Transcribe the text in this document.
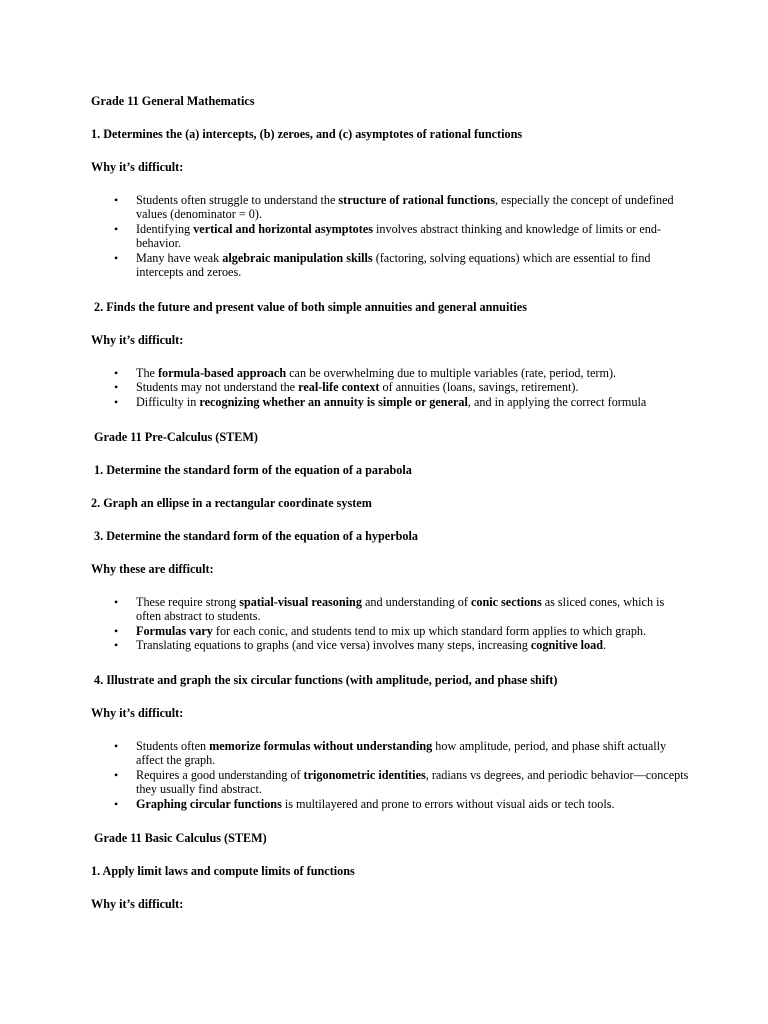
Grade 11 General Mathematics
1. Determines the (a) intercepts, (b) zeroes, and (c) asymptotes of rational functions
Why it’s difficult:
• Students often struggle to understand the structure of rational functions, especially the concept of undefined values (denominator = 0).
• Identifying vertical and horizontal asymptotes involves abstract thinking and knowledge of limits or end-behavior.
• Many have weak algebraic manipulation skills (factoring, solving equations) which are essential to find intercepts and zeroes.
2. Finds the future and present value of both simple annuities and general annuities
Why it’s difficult:
• The formula-based approach can be overwhelming due to multiple variables (rate, period, term).
• Students may not understand the real-life context of annuities (loans, savings, retirement).
• Difficulty in recognizing whether an annuity is simple or general, and in applying the correct formula
Grade 11 Pre-Calculus (STEM)
1. Determine the standard form of the equation of a parabola
2. Graph an ellipse in a rectangular coordinate system
3. Determine the standard form of the equation of a hyperbola
Why these are difficult:
• These require strong spatial-visual reasoning and understanding of conic sections as sliced cones, which is often abstract to students.
• Formulas vary for each conic, and students tend to mix up which standard form applies to which graph.
• Translating equations to graphs (and vice versa) involves many steps, increasing cognitive load.
4. Illustrate and graph the six circular functions (with amplitude, period, and phase shift)
Why it’s difficult:
• Students often memorize formulas without understanding how amplitude, period, and phase shift actually affect the graph.
• Requires a good understanding of trigonometric identities, radians vs degrees, and periodic behavior—concepts they usually find abstract.
• Graphing circular functions is multilayered and prone to errors without visual aids or tech tools.
Grade 11 Basic Calculus (STEM)
1. Apply limit laws and compute limits of functions
Why it’s difficult:
